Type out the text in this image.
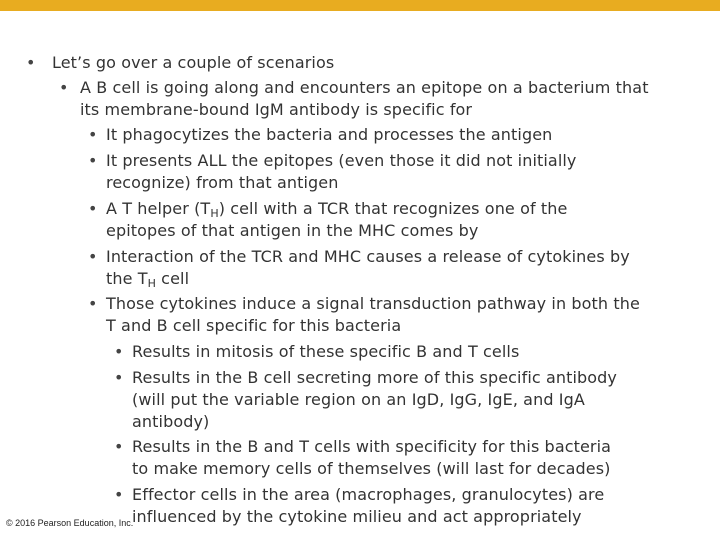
• Let’s go over a couple of scenarios
• A B cell is going along and encounters an epitope on a bacterium that
its membrane-bound IgM antibody is specific for
• It phagocytizes the bacteria and processes the antigen
• It presents ALL the epitopes (even those it did not initially
recognize) from that antigen
• A T helper $(T_H)$ cell with a TCR that recognizes one of the
epitopes of that antigen in the MHC comes by
• Interaction of the TCR and MHC causes a release of cytokines by
the $T_H$ cell
• Those cytokines induce a signal transduction pathway in both the
T and B cell specific for this bacteria
• Results in mitosis of these specific B and T cells
• Results in the B cell secreting more of this specific antibody
(will put the variable region on an IgD, IgG, IgE, and IgA
antibody)
• Results in the B and T cells with specificity for this bacteria
to make memory cells of themselves (will last for decades)
• Effector cells in the area (macrophages, granulocytes) are
influenced by the cytokine milieu and act appropriately
© 2016 Pearson Education, Inc.
